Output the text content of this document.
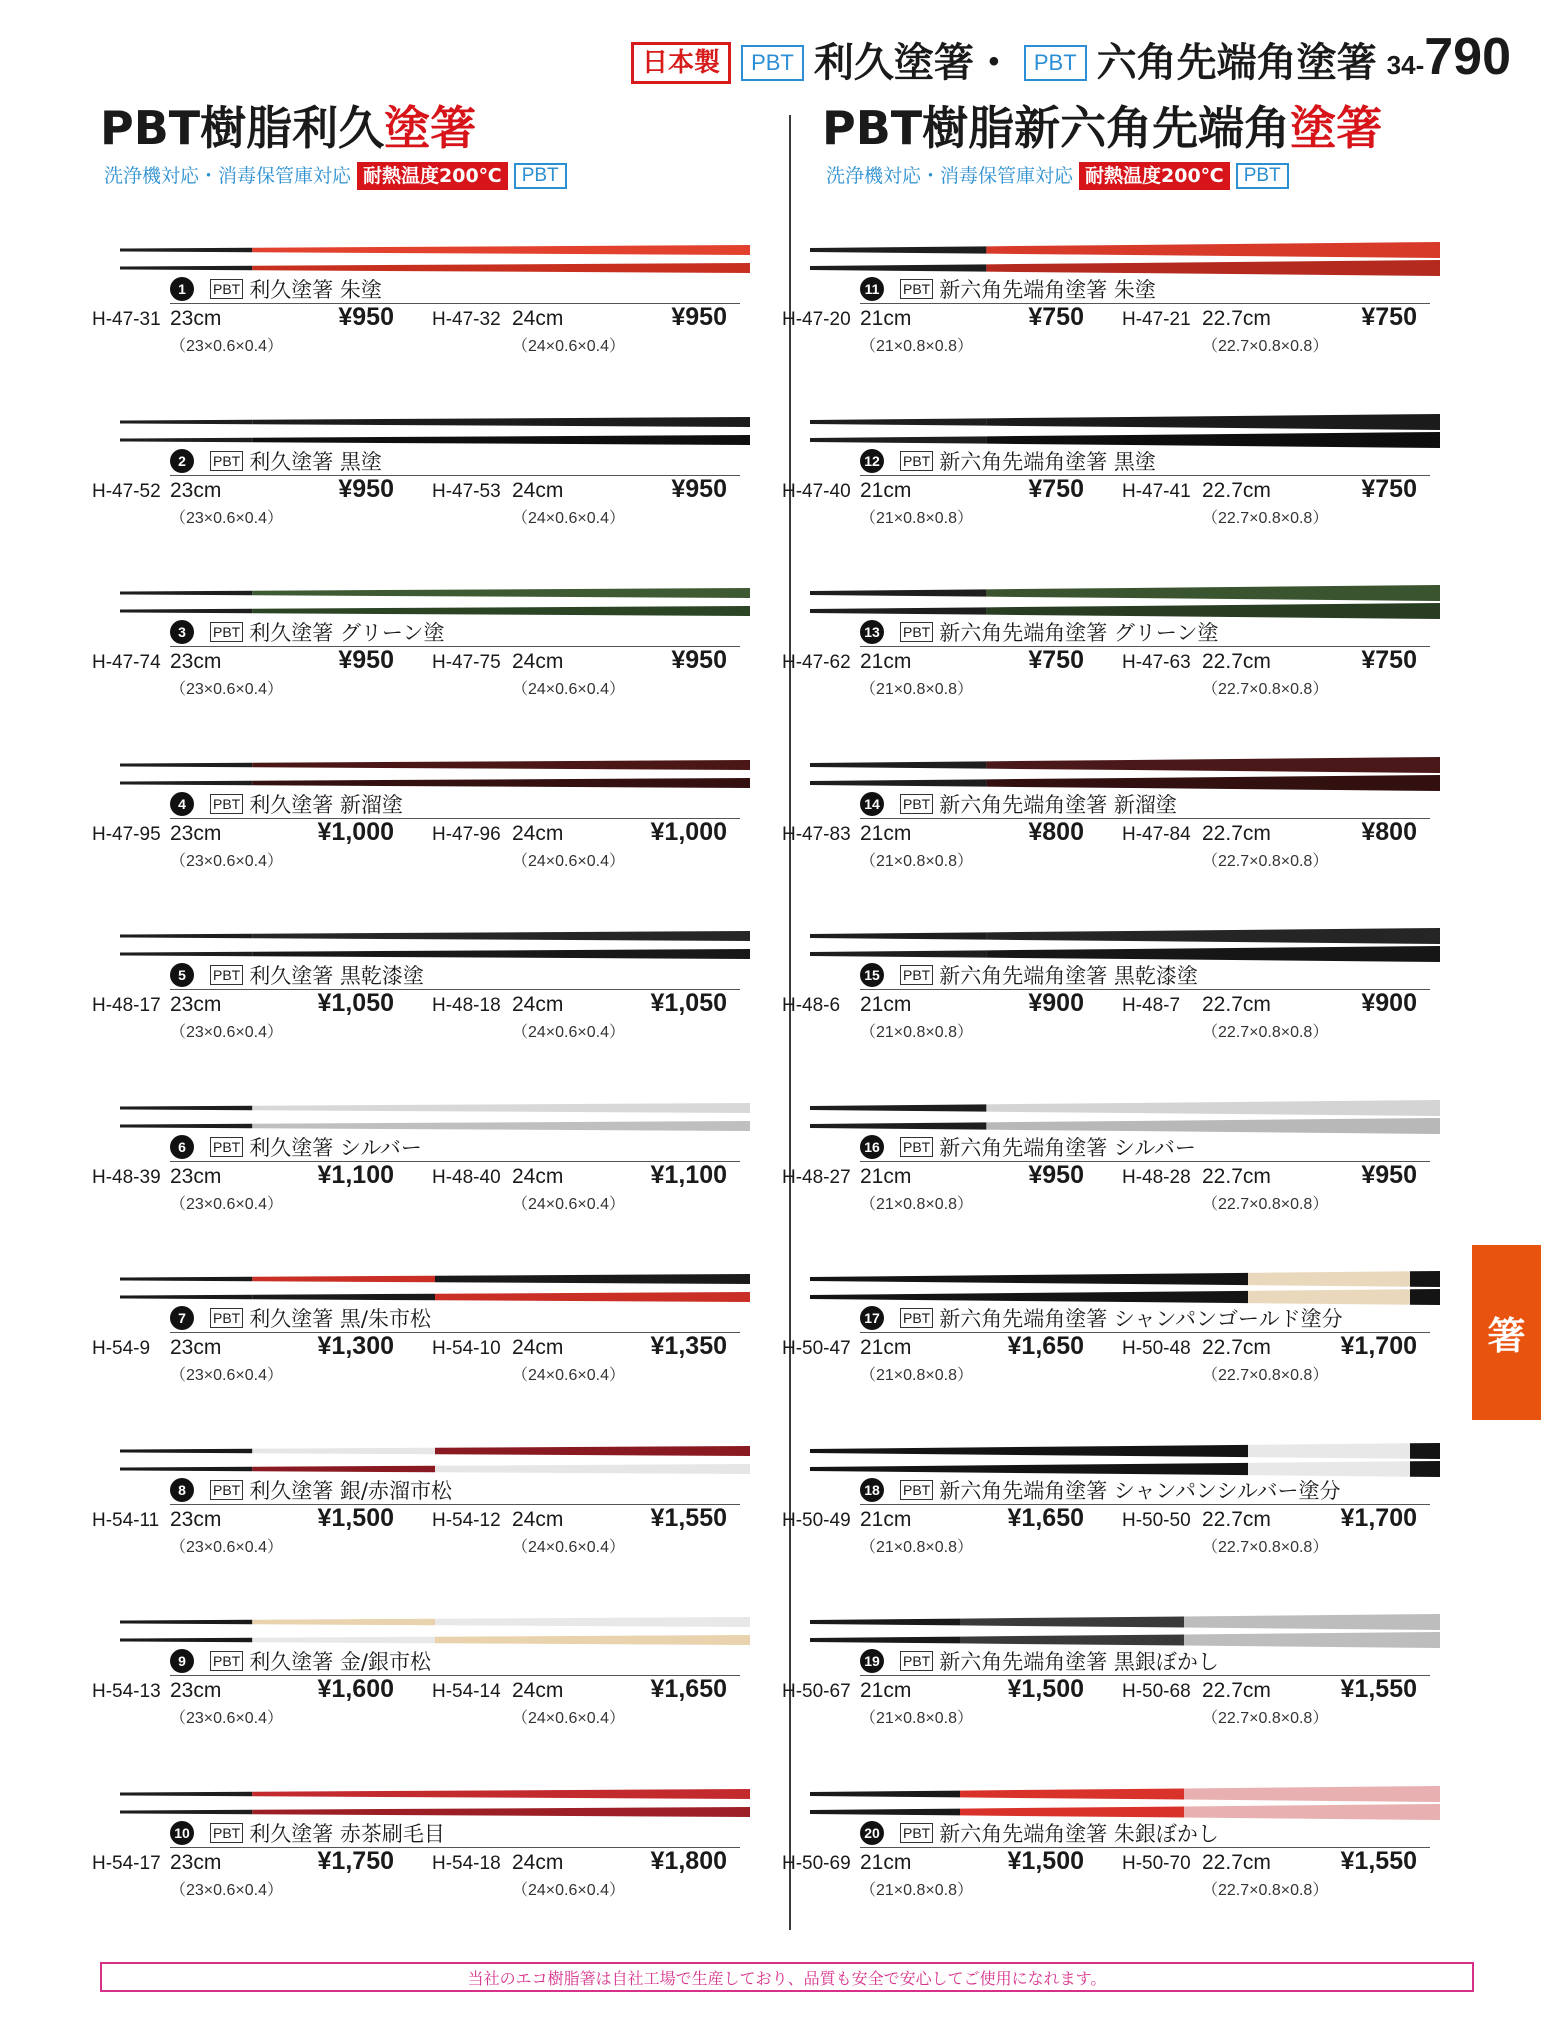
日本製	PBT 利久塗箸・ PBT 六角先端角塗箸 34-790
PBT樹脂利久塗箸
洗浄機対応・消毒保管庫対応 耐熱温度200℃	PBT
PBT樹脂新六角先端角塗箸
洗浄機対応・消毒保管庫対応 耐熱温度200℃	PBT
箸
1	PBT 利久塗箸 朱塗
H-47-31 23cm	¥950
（23×0.6×0.4）
H-47-32 24cm	¥950
（24×0.6×0.4）
2	PBT 利久塗箸 黒塗
H-47-52 23cm	¥950
（23×0.6×0.4）
H-47-53 24cm	¥950
（24×0.6×0.4）
3	PBT 利久塗箸 グリーン塗
H-47-74 23cm	¥950
（23×0.6×0.4）
H-47-75 24cm	¥950
（24×0.6×0.4）
4	PBT 利久塗箸 新溜塗
H-47-95 23cm	¥1,000
（23×0.6×0.4）
H-47-96 24cm	¥1,000
（24×0.6×0.4）
5	PBT 利久塗箸 黒乾漆塗
H-48-17 23cm	¥1,050
（23×0.6×0.4）
H-48-18 24cm	¥1,050
（24×0.6×0.4）
6	PBT 利久塗箸 シルバー
H-48-39 23cm	¥1,100
（23×0.6×0.4）
H-48-40 24cm	¥1,100
（24×0.6×0.4）
7	PBT 利久塗箸 黒/朱市松
H-54-9 23cm	¥1,300
（23×0.6×0.4）
H-54-10 24cm	¥1,350
（24×0.6×0.4）
8	PBT 利久塗箸 銀/赤溜市松
H-54-11 23cm	¥1,500
（23×0.6×0.4）
H-54-12 24cm	¥1,550
（24×0.6×0.4）
9	PBT 利久塗箸 金/銀市松
H-54-13 23cm	¥1,600
（23×0.6×0.4）
H-54-14 24cm	¥1,650
（24×0.6×0.4）
10	PBT 利久塗箸 赤茶刷毛目
H-54-17 23cm	¥1,750
（23×0.6×0.4）
H-54-18 24cm	¥1,800
（24×0.6×0.4）
11	PBT 新六角先端角塗箸 朱塗
H-47-20 21cm	¥750
（21×0.8×0.8）
H-47-21 22.7cm	¥750
（22.7×0.8×0.8）
12	PBT 新六角先端角塗箸 黒塗
H-47-40 21cm	¥750
（21×0.8×0.8）
H-47-41 22.7cm	¥750
（22.7×0.8×0.8）
13	PBT 新六角先端角塗箸 グリーン塗
H-47-62 21cm	¥750
（21×0.8×0.8）
H-47-63 22.7cm	¥750
（22.7×0.8×0.8）
14	PBT 新六角先端角塗箸 新溜塗
H-47-83 21cm	¥800
（21×0.8×0.8）
H-47-84 22.7cm	¥800
（22.7×0.8×0.8）
15	PBT 新六角先端角塗箸 黒乾漆塗
H-48-6 21cm	¥900
（21×0.8×0.8）
H-48-7 22.7cm	¥900
（22.7×0.8×0.8）
16	PBT 新六角先端角塗箸 シルバー
H-48-27 21cm	¥950
（21×0.8×0.8）
H-48-28 22.7cm	¥950
（22.7×0.8×0.8）
17	PBT 新六角先端角塗箸 シャンパンゴールド塗分
H-50-47 21cm	¥1,650
（21×0.8×0.8）
H-50-48 22.7cm	¥1,700
（22.7×0.8×0.8）
18	PBT 新六角先端角塗箸 シャンパンシルバー塗分
H-50-49 21cm	¥1,650
（21×0.8×0.8）
H-50-50 22.7cm	¥1,700
（22.7×0.8×0.8）
19	PBT 新六角先端角塗箸 黒銀ぼかし
H-50-67 21cm	¥1,500
（21×0.8×0.8）
H-50-68 22.7cm	¥1,550
（22.7×0.8×0.8）
20	PBT 新六角先端角塗箸 朱銀ぼかし
H-50-69 21cm	¥1,500
（21×0.8×0.8）
H-50-70 22.7cm	¥1,550
（22.7×0.8×0.8）
当社のエコ樹脂箸は自社工場で生産しており、品質も安全で安心してご使用になれます。
